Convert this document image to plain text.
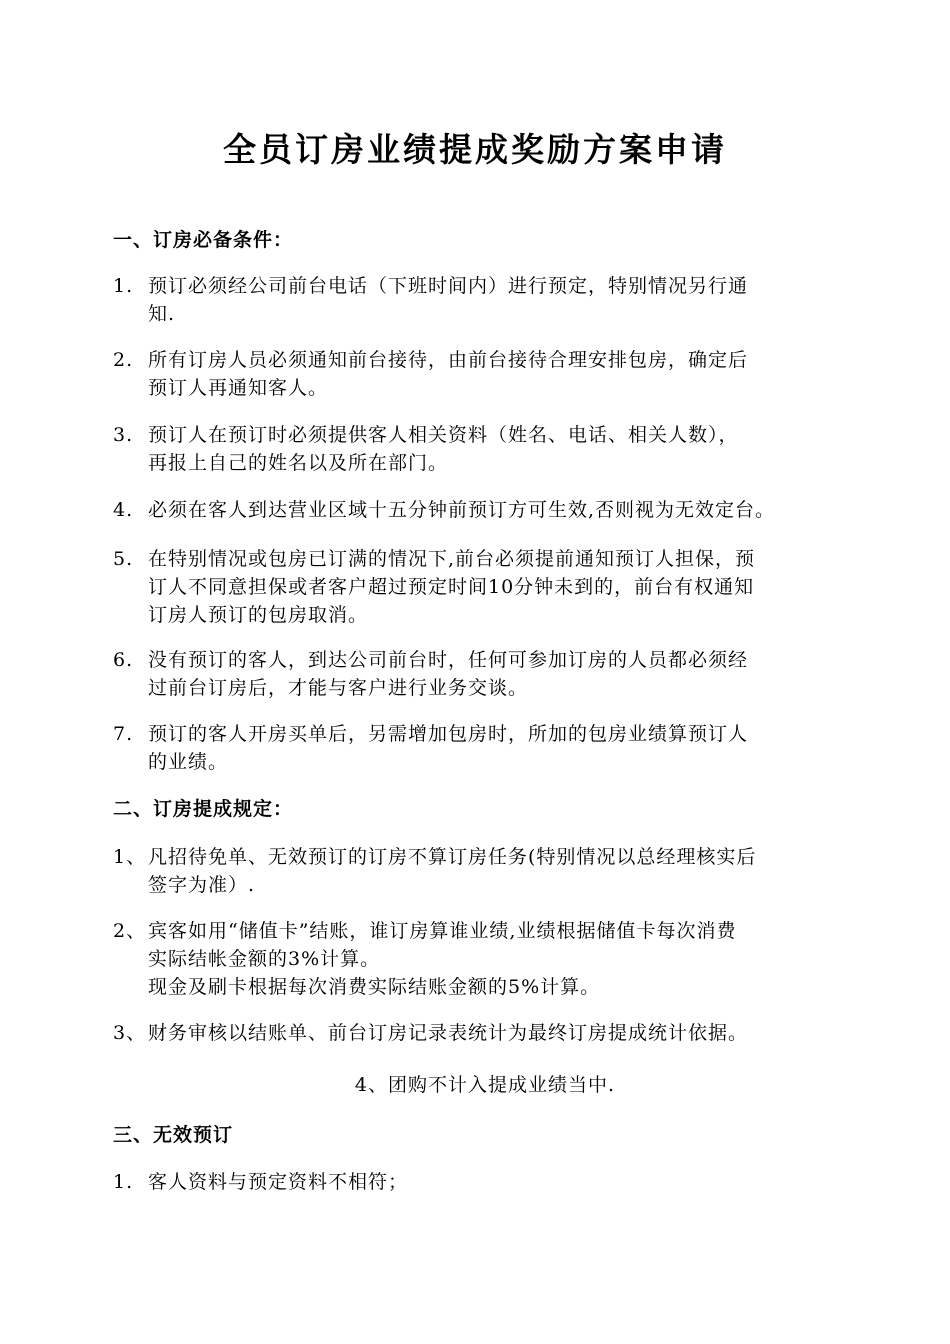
全员订房业绩提成奖励方案申请
一、订房必备条件：
1. 预订必须经公司前台电话（下班时间内）进行预定，特别情况另行通
知.
2. 所有订房人员必须通知前台接待，由前台接待合理安排包房，确定后
预订人再通知客人。
3. 预订人在预订时必须提供客人相关资料（姓名、电话、相关人数），
再报上自己的姓名以及所在部门。
4. 必须在客人到达营业区域十五分钟前预订方可生效,否则视为无效定台。
5. 在特别情况或包房已订满的情况下,前台必须提前通知预订人担保，预
订人不同意担保或者客户超过预定时间10分钟未到的，前台有权通知
订房人预订的包房取消。
6. 没有预订的客人，到达公司前台时，任何可参加订房的人员都必须经
过前台订房后，才能与客户进行业务交谈。
7. 预订的客人开房买单后，另需增加包房时，所加的包房业绩算预订人
的业绩。
二、订房提成规定：
1、 凡招待免单、无效预订的订房不算订房任务(特别情况以总经理核实后
签字为准）.
2、 宾客如用“储值卡”结账，谁订房算谁业绩,业绩根据储值卡每次消费
实际结帐金额的3%计算。
现金及刷卡根据每次消费实际结账金额的5%计算。
3、 财务审核以结账单、前台订房记录表统计为最终订房提成统计依据。
4、团购不计入提成业绩当中.
三、无效预订
1. 客人资料与预定资料不相符；
